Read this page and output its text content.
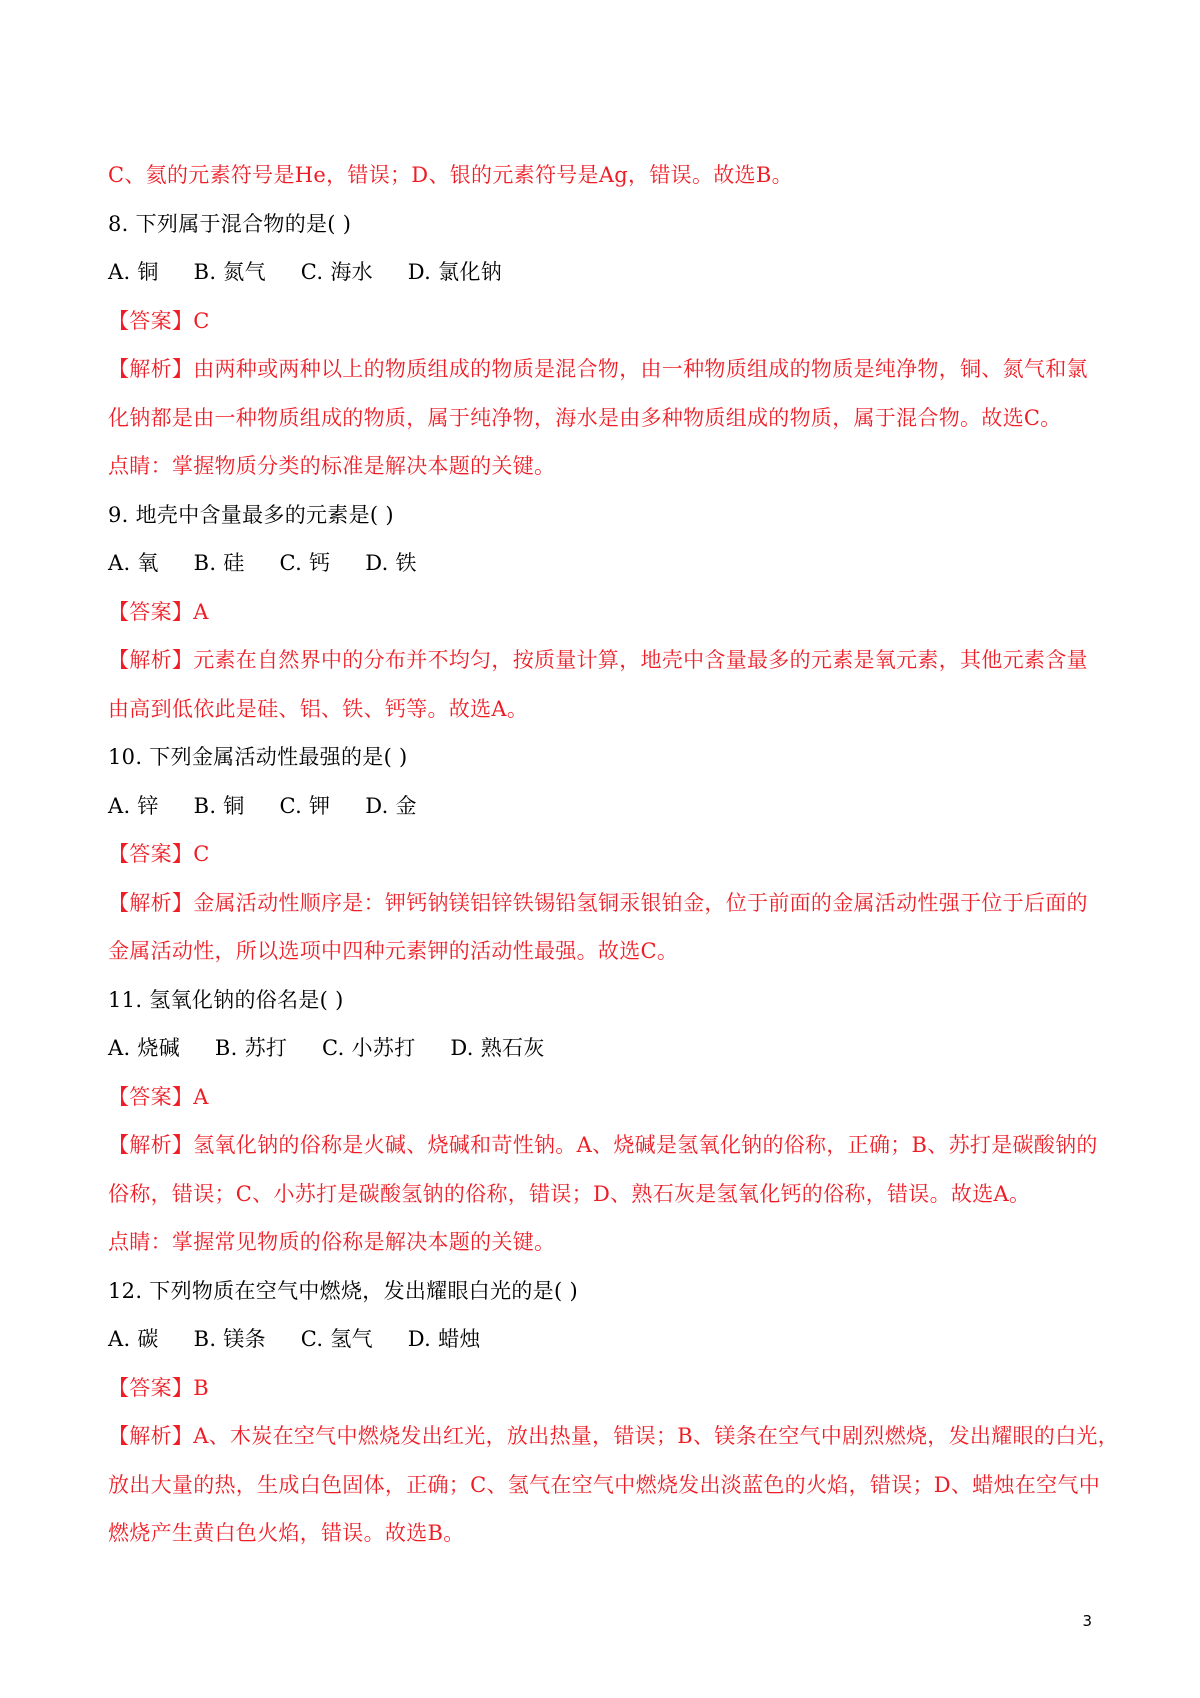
C、氦的元素符号是He，错误；D、银的元素符号是Ag，错误。故选B。
8. 下列属于混合物的是( )
A. 铜     B. 氮气     C. 海水     D. 氯化钠
【答案】C
【解析】由两种或两种以上的物质组成的物质是混合物，由一种物质组成的物质是纯净物，铜、氮气和氯
化钠都是由一种物质组成的物质，属于纯净物，海水是由多种物质组成的物质，属于混合物。故选C。
点睛：掌握物质分类的标准是解决本题的关键。
9. 地壳中含量最多的元素是( )
A. 氧     B. 硅     C. 钙     D. 铁
【答案】A
【解析】元素在自然界中的分布并不均匀，按质量计算，地壳中含量最多的元素是氧元素，其他元素含量
由高到低依此是硅、铝、铁、钙等。故选A。
10. 下列金属活动性最强的是( )
A. 锌     B. 铜     C. 钾     D. 金
【答案】C
【解析】金属活动性顺序是：钾钙钠镁铝锌铁锡铅氢铜汞银铂金，位于前面的金属活动性强于位于后面的
金属活动性，所以选项中四种元素钾的活动性最强。故选C。
11. 氢氧化钠的俗名是( )
A. 烧碱     B. 苏打     C. 小苏打     D. 熟石灰
【答案】A
【解析】氢氧化钠的俗称是火碱、烧碱和苛性钠。A、烧碱是氢氧化钠的俗称，正确；B、苏打是碳酸钠的
俗称，错误；C、小苏打是碳酸氢钠的俗称，错误；D、熟石灰是氢氧化钙的俗称，错误。故选A。
点睛：掌握常见物质的俗称是解决本题的关键。
12. 下列物质在空气中燃烧，发出耀眼白光的是( )
A. 碳     B. 镁条     C. 氢气     D. 蜡烛
【答案】B
【解析】A、木炭在空气中燃烧发出红光，放出热量，错误；B、镁条在空气中剧烈燃烧，发出耀眼的白光，
放出大量的热，生成白色固体，正确；C、氢气在空气中燃烧发出淡蓝色的火焰，错误；D、蜡烛在空气中
燃烧产生黄白色火焰，错误。故选B。
3
